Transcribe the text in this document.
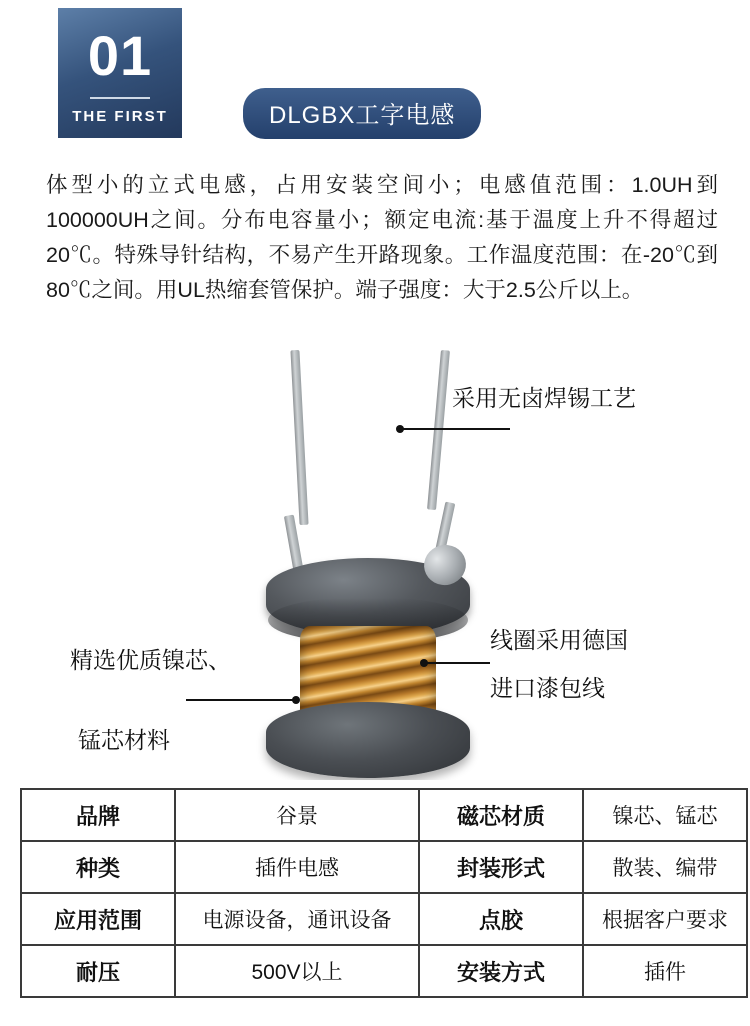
01
THE FIRST	DLGBX工字电感
体型小的立式电感，占用安装空间小；电感值范围：1.0UH到100000UH之间。分布电容量小；额定电流:基于温度上升不得超过20℃。特殊导针结构，不易产生开路现象。工作温度范围：在-20℃到80℃之间。用UL热缩套管保护。端子强度：大于2.5公斤以上。
采用无卤焊锡工艺
线圈采用德国
进口漆包线
精选优质镍芯、
锰芯材料
品牌	谷景	磁芯材质	镍芯、锰芯
种类	插件电感	封装形式	散装、编带
应用范围	电源设备，通讯设备	点胶	根据客户要求
耐压	500V以上	安装方式	插件
